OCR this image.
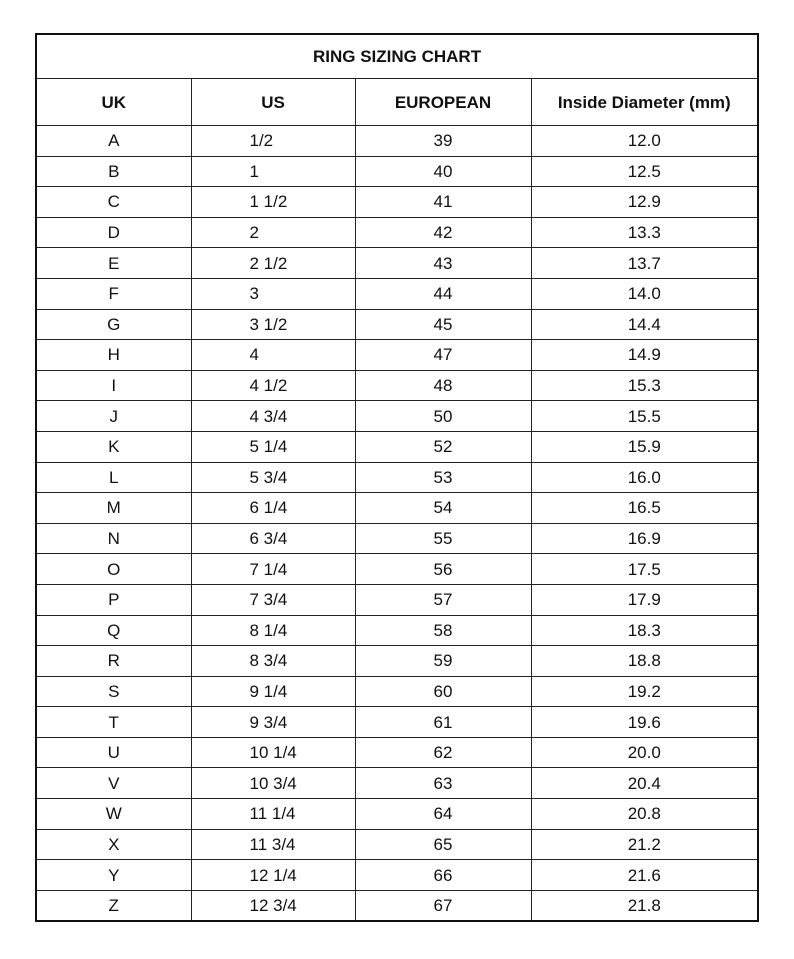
RING SIZING CHART			
UK	US	EUROPEAN	Inside Diameter (mm)
A	1/2	39	12.0
B	1	40	12.5
C	1 1/2	41	12.9
D	2	42	13.3
E	2 1/2	43	13.7
F	3	44	14.0
G	3 1/2	45	14.4
H	4	47	14.9
I	4 1/2	48	15.3
J	4 3/4	50	15.5
K	5 1/4	52	15.9
L	5 3/4	53	16.0
M	6 1/4	54	16.5
N	6 3/4	55	16.9
O	7 1/4	56	17.5
P	7 3/4	57	17.9
Q	8 1/4	58	18.3
R	8 3/4	59	18.8
S	9 1/4	60	19.2
T	9 3/4	61	19.6
U	10 1/4	62	20.0
V	10 3/4	63	20.4
W	11 1/4	64	20.8
X	11 3/4	65	21.2
Y	12 1/4	66	21.6
Z	12 3/4	67	21.8
